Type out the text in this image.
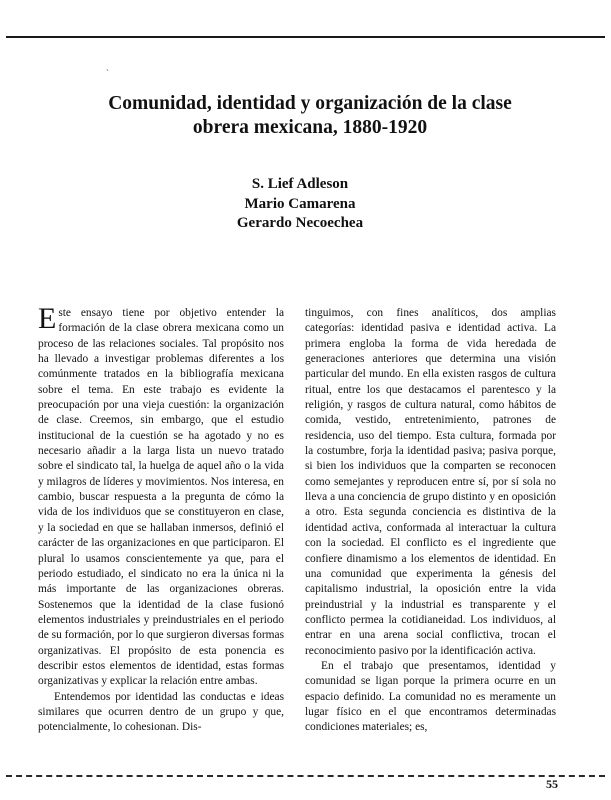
`
Comunidad, identidad y organización de la clase
obrera mexicana, 1880-1920
S. Lief Adleson
Mario Camarena
Gerardo Necoechea

Este ensayo tiene por objetivo entender la formación de la clase obrera mexicana como un proceso de las relaciones sociales. Tal propósito nos ha llevado a investigar problemas diferentes a los comúnmente tratados en la bibliografía mexicana sobre el tema. En este trabajo es evidente la preocupación por una vieja cuestión: la organización de clase. Creemos, sin embargo, que el estudio institucional de la cuestión se ha agotado y no es necesario añadir a la larga lista un nuevo tratado sobre el sindicato tal, la huelga de aquel año o la vida y milagros de líderes y movimientos. Nos interesa, en cambio, buscar respuesta a la pregunta de cómo la vida de los individuos que se constituyeron en clase, y la sociedad en que se hallaban inmersos, definió el carácter de las organizaciones en que participaron. El plural lo usamos conscientemente ya que, para el periodo estudiado, el sindicato no era la única ni la más importante de las organizaciones obreras. Sostenemos que la identidad de la clase fusionó elementos industriales y preindustriales en el periodo de su formación, por lo que surgieron diversas formas organizativas. El propósito de esta ponencia es describir estos elementos de identidad, estas formas organizativas y explicar la relación entre ambas.

Entendemos por identidad las conductas e ideas similares que ocurren dentro de un grupo y que, potencialmente, lo cohesionan. Dis-

tinguimos, con fines analíticos, dos amplias categorías: identidad pasiva e identidad activa. La primera engloba la forma de vida heredada de generaciones anteriores que determina una visión particular del mundo. En ella existen rasgos de cultura ritual, entre los que destacamos el parentesco y la religión, y rasgos de cultura natural, como hábitos de comida, vestido, entretenimiento, patrones de residencia, uso del tiempo. Esta cultura, formada por la costumbre, forja la identidad pasiva; pasiva porque, si bien los individuos que la comparten se reconocen como semejantes y reproducen entre sí, por sí sola no lleva a una conciencia de grupo distinto y en oposición a otro. Esta segunda conciencia es distintiva de la identidad activa, conformada al interactuar la cultura con la sociedad. El conflicto es el ingrediente que confiere dinamismo a los elementos de identidad. En una comunidad que experimenta la génesis del capitalismo industrial, la oposición entre la vida preindustrial y la industrial es transparente y el conflicto permea la cotidianeidad. Los individuos, al entrar en una arena social conflictiva, trocan el reconocimiento pasivo por la identificación activa.

En el trabajo que presentamos, identidad y comunidad se ligan porque la primera ocurre en un espacio definido. La comunidad no es meramente un lugar físico en el que encontramos determinadas condiciones materiales; es,

55
